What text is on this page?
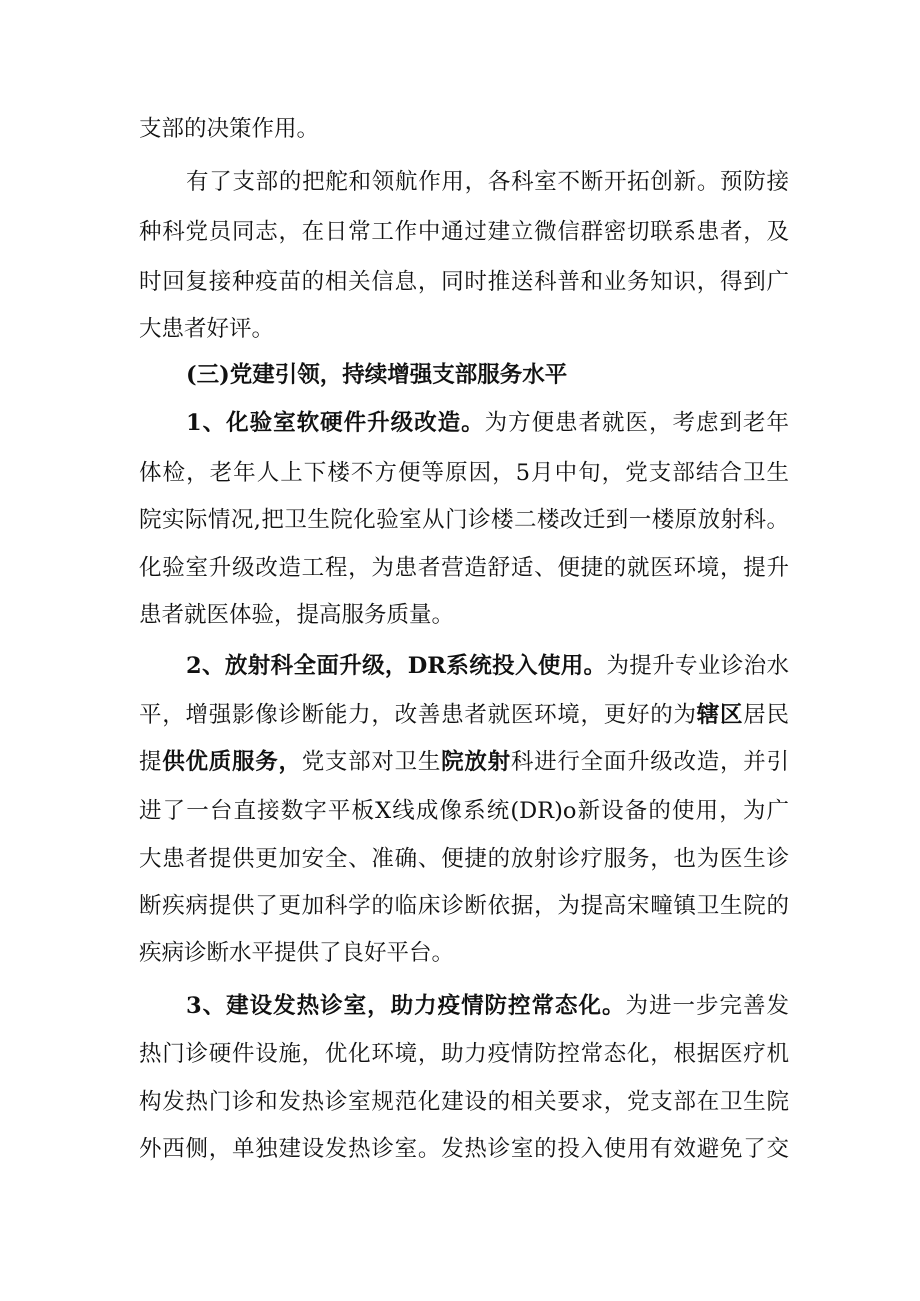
支部的决策作用。
有了支部的把舵和领航作用，各科室不断开拓创新。预防接
种科党员同志，在日常工作中通过建立微信群密切联系患者，及
时回复接种疫苗的相关信息，同时推送科普和业务知识，得到广
大患者好评。
(三)党建引领，持续增强支部服务水平
1、化验室软硬件升级改造。为方便患者就医，考虑到老年
体检，老年人上下楼不方便等原因，5月中旬，党支部结合卫生
院实际情况,把卫生院化验室从门诊楼二楼改迁到一楼原放射科。
化验室升级改造工程，为患者营造舒适、便捷的就医环境，提升
患者就医体验，提高服务质量。
2、放射科全面升级，DR系统投入使用。为提升专业诊治水
平，增强影像诊断能力，改善患者就医环境，更好的为辖区居民
提供优质服务，党支部对卫生院放射科进行全面升级改造，并引
进了一台直接数字平板X线成像系统(DR)o新设备的使用，为广
大患者提供更加安全、准确、便捷的放射诊疗服务，也为医生诊
断疾病提供了更加科学的临床诊断依据，为提高宋疃镇卫生院的
疾病诊断水平提供了良好平台。
3、建设发热诊室，助力疫情防控常态化。为进一步完善发
热门诊硬件设施，优化环境，助力疫情防控常态化，根据医疗机
构发热门诊和发热诊室规范化建设的相关要求，党支部在卫生院
外西侧，单独建设发热诊室。发热诊室的投入使用有效避免了交
